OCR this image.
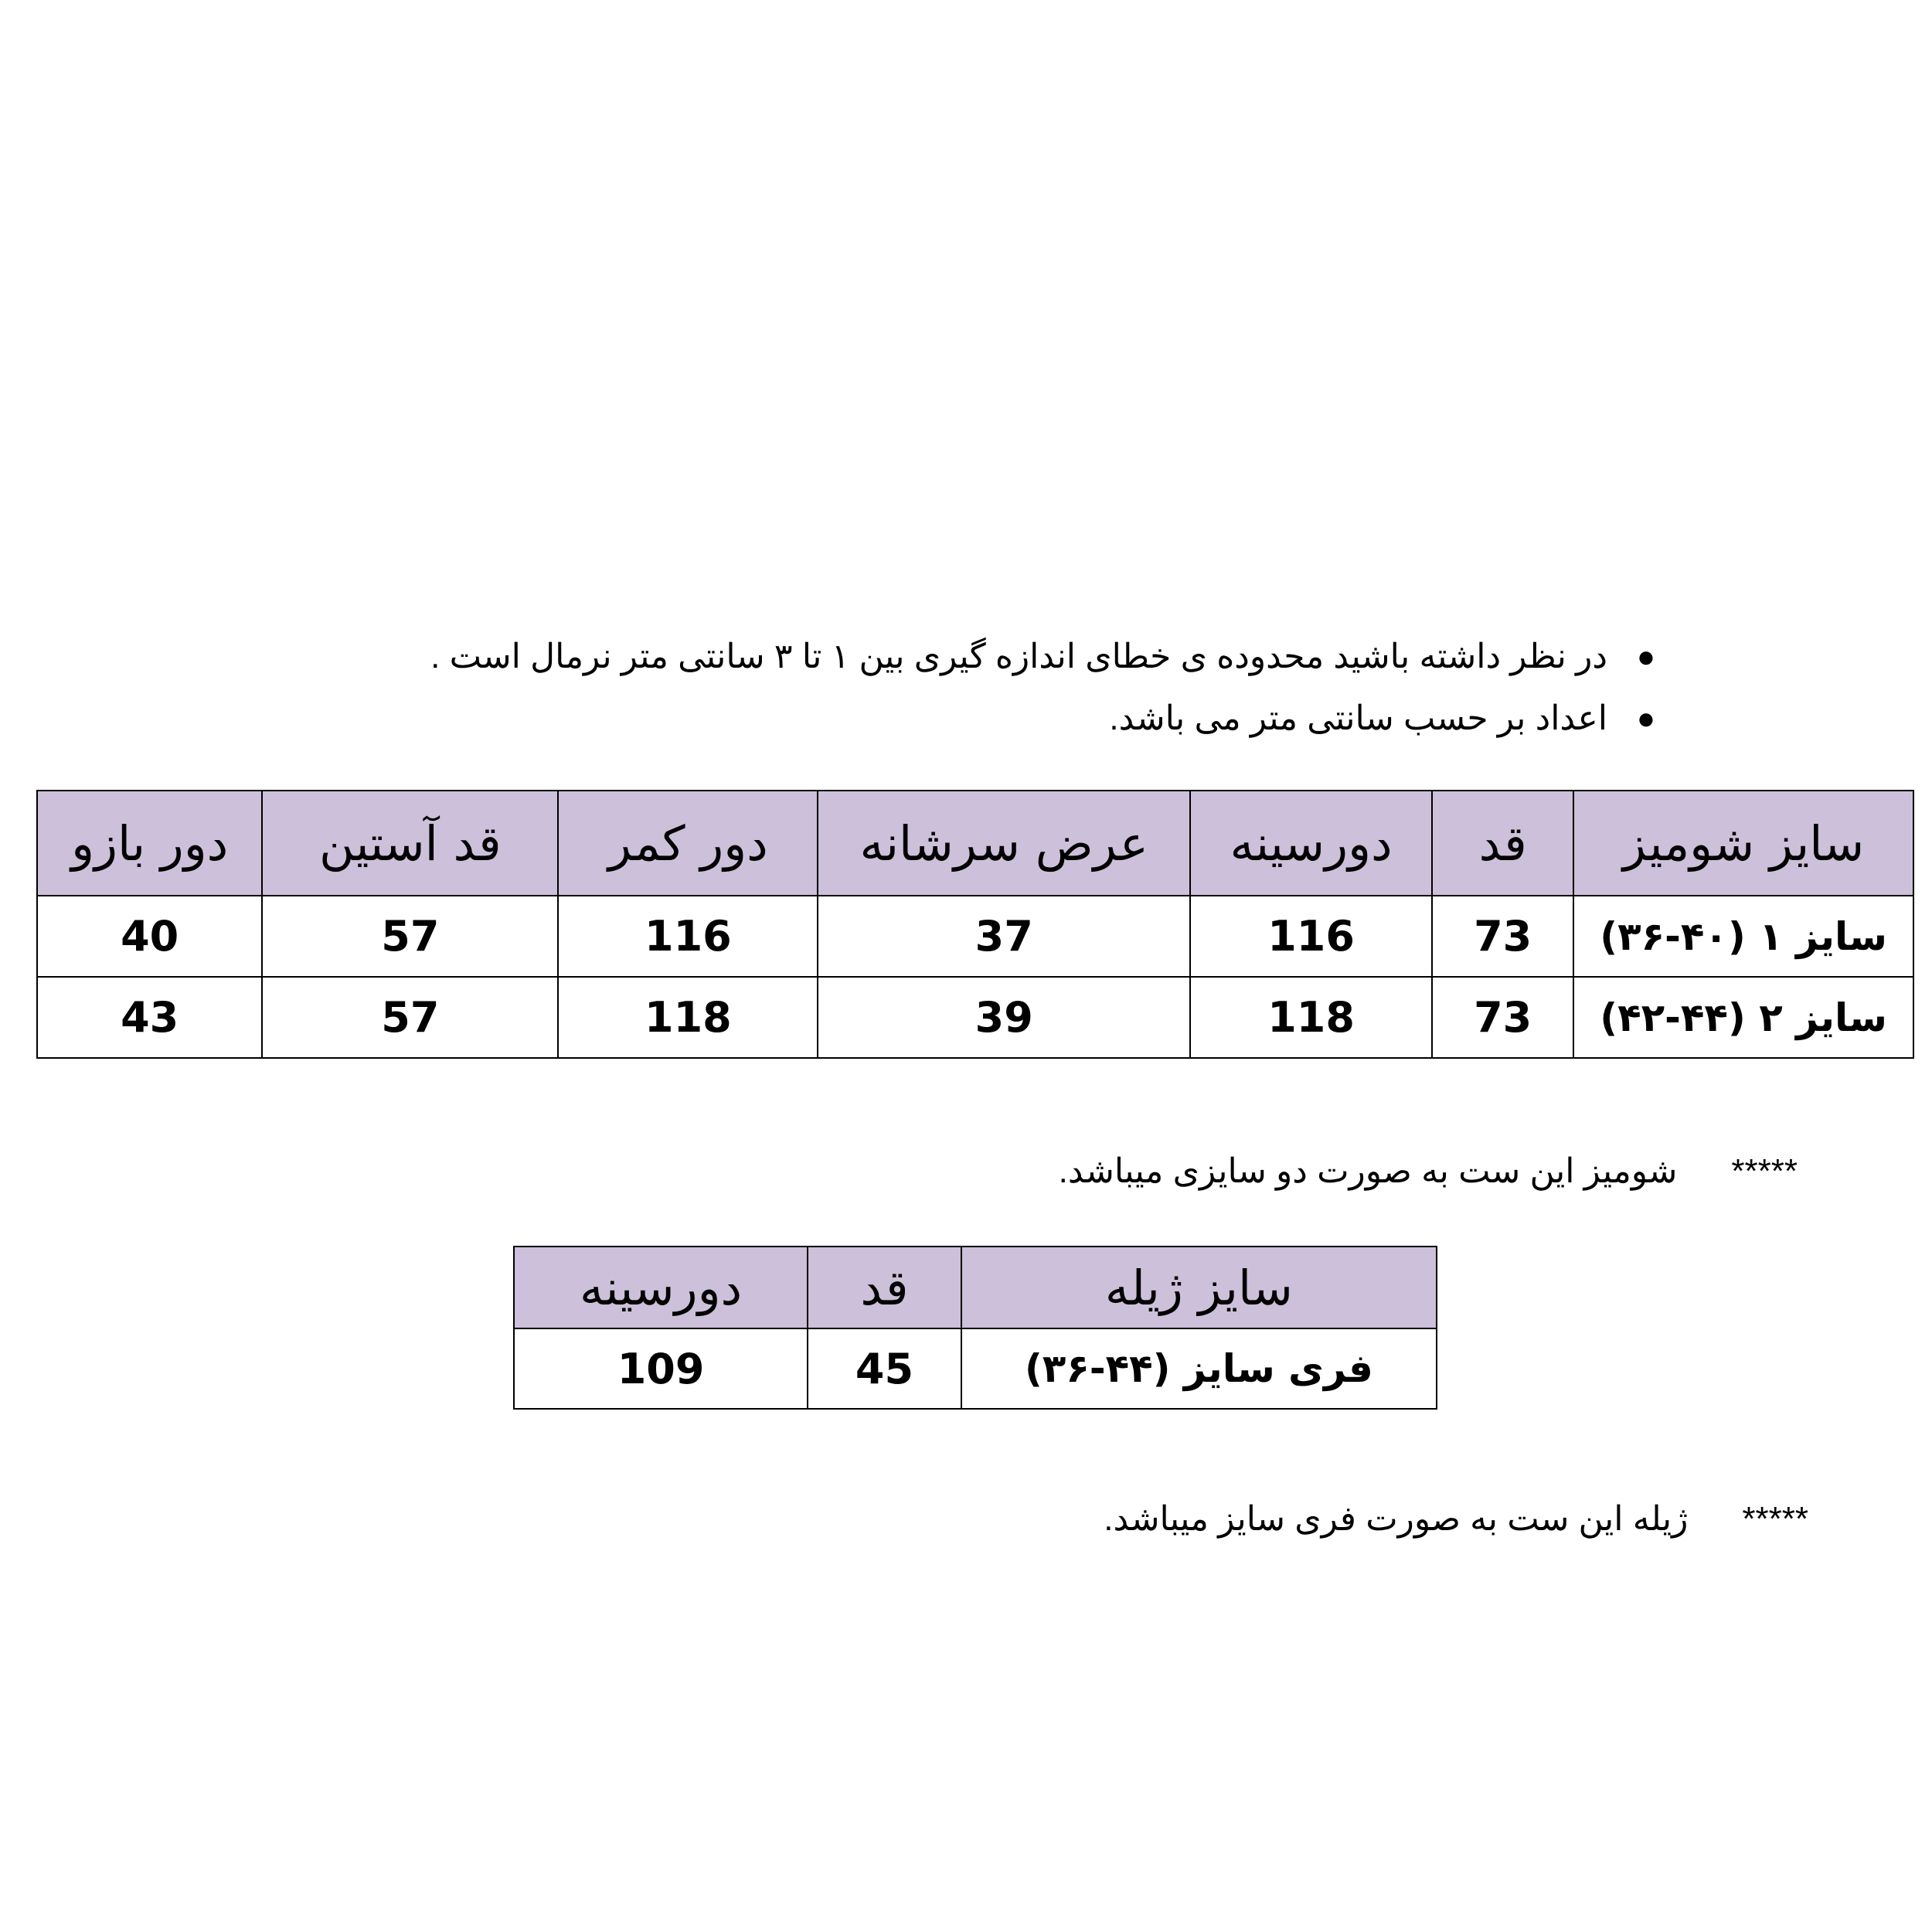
●
در نظر داشته باشید محدوده ی خطای اندازه گیری بین ۱ تا ۳ سانتی متر نرمال است .
●
اعداد بر حسب سانتی متر می باشد.
سایز شومیز	قد	دورسینه	عرض سرشانه	دور کمر	قد آستین	دور بازو
سایز ۱ (۴۰-۳۶)	73	116	37	116	57	40
سایز ۲ (۴۴-۴۲)	73	118	39	118	57	43
*****شومیز این ست به صورت دو سایزی میباشد.
سایز ژیله	قد	دورسینه
فری سایز (۴۴-۳۶)	45	109
*****ژیله این ست به صورت فری سایز میباشد.
